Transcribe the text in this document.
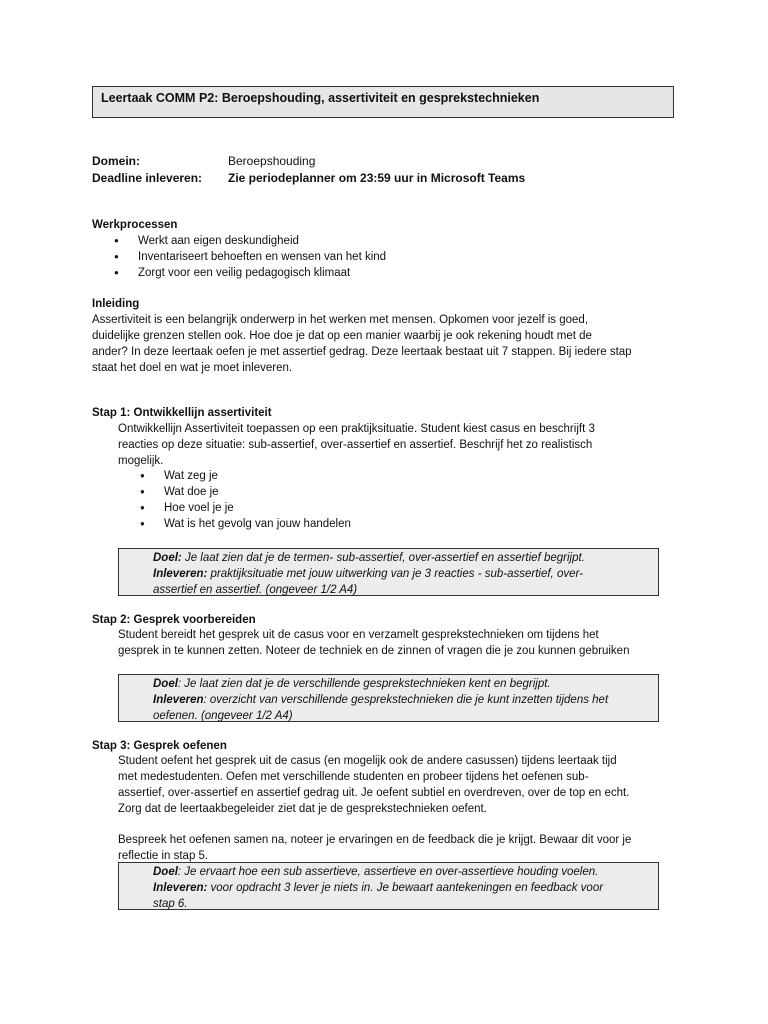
Leertaak COMM P2: Beroepshouding, assertiviteit en gesprekstechnieken
Domein:	Beroepshouding
Deadline inleveren: Zie periodeplanner om 23:59 uur in Microsoft Teams
Werkprocessen
● Werkt aan eigen deskundigheid
● Inventariseert behoeften en wensen van het kind
● Zorgt voor een veilig pedagogisch klimaat
Inleiding
Assertiviteit is een belangrijk onderwerp in het werken met mensen. Opkomen voor jezelf is goed,
duidelijke grenzen stellen ook. Hoe doe je dat op een manier waarbij je ook rekening houdt met de
ander? In deze leertaak oefen je met assertief gedrag. Deze leertaak bestaat uit 7 stappen. Bij iedere stap
staat het doel en wat je moet inleveren.
Stap 1: Ontwikkellijn assertiviteit
Ontwikkellijn Assertiviteit toepassen op een praktijksituatie. Student kiest casus en beschrijft 3
reacties op deze situatie: sub-assertief, over-assertief en assertief. Beschrijf het zo realistisch
mogelijk.
● Wat zeg je
● Wat doe je
● Hoe voel je je
● Wat is het gevolg van jouw handelen
Doel: Je laat zien dat je de termen- sub-assertief, over-assertief en assertief begrijpt.
Inleveren: praktijksituatie met jouw uitwerking van je 3 reacties - sub-assertief, over-
assertief en assertief. (ongeveer 1/2 A4)
Stap 2: Gesprek voorbereiden
Student bereidt het gesprek uit de casus voor en verzamelt gesprekstechnieken om tijdens het
gesprek in te kunnen zetten. Noteer de techniek en de zinnen of vragen die je zou kunnen gebruiken
Doel: Je laat zien dat je de verschillende gesprekstechnieken kent en begrijpt.
Inleveren: overzicht van verschillende gesprekstechnieken die je kunt inzetten tijdens het
oefenen. (ongeveer 1/2 A4)
Stap 3: Gesprek oefenen
Student oefent het gesprek uit de casus (en mogelijk ook de andere casussen) tijdens leertaak tijd
met medestudenten. Oefen met verschillende studenten en probeer tijdens het oefenen sub-
assertief, over-assertief en assertief gedrag uit. Je oefent subtiel en overdreven, over de top en echt.
Zorg dat de leertaakbegeleider ziet dat je de gesprekstechnieken oefent.
Bespreek het oefenen samen na, noteer je ervaringen en de feedback die je krijgt. Bewaar dit voor je
reflectie in stap 5.
Doel: Je ervaart hoe een sub assertieve, assertieve en over-assertieve houding voelen.
Inleveren: voor opdracht 3 lever je niets in. Je bewaart aantekeningen en feedback voor
stap 6.
